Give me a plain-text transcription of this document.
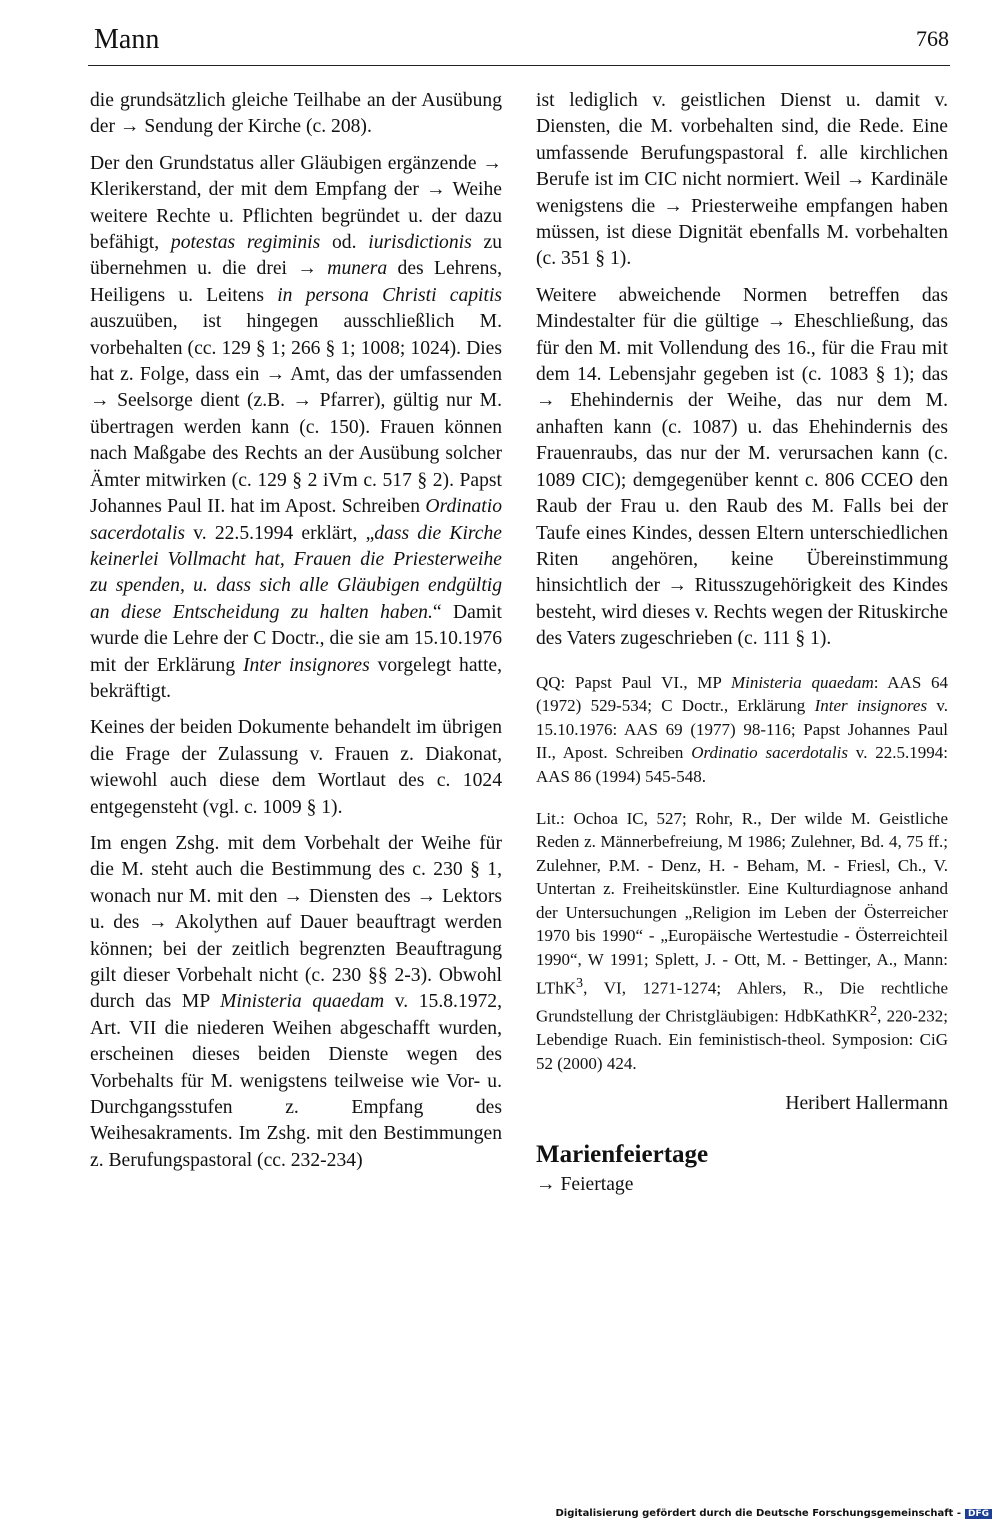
Mann	768

die grundsätzlich gleiche Teilhabe an der Ausübung der → Sendung der Kirche (c. 208).

Der den Grundstatus aller Gläubigen ergänzende → Klerikerstand, der mit dem Empfang der → Weihe weitere Rechte u. Pflichten begründet u. der dazu befähigt, potestas regiminis od. iurisdictionis zu übernehmen u. die drei → munera des Lehrens, Heiligens u. Leitens in persona Christi capitis auszuüben, ist hingegen ausschließlich M. vorbehalten (cc. 129 § 1; 266 § 1; 1008; 1024). Dies hat z. Folge, dass ein → Amt, das der umfassenden → Seelsorge dient (z.B. → Pfarrer), gültig nur M. übertragen werden kann (c. 150). Frauen können nach Maßgabe des Rechts an der Ausübung solcher Ämter mitwirken (c. 129 § 2 iVm c. 517 § 2). Papst Johannes Paul II. hat im Apost. Schreiben Ordinatio sacerdotalis v. 22.5.1994 erklärt, „dass die Kirche keinerlei Vollmacht hat, Frauen die Priesterweihe zu spenden, u. dass sich alle Gläubigen endgültig an diese Entscheidung zu halten haben.“ Damit wurde die Lehre der C Doctr., die sie am 15.10.1976 mit der Erklärung Inter insignores vorgelegt hatte, bekräftigt.

Keines der beiden Dokumente behandelt im übrigen die Frage der Zulassung v. Frauen z. Diakonat, wiewohl auch diese dem Wortlaut des c. 1024 entgegensteht (vgl. c. 1009 § 1).

Im engen Zshg. mit dem Vorbehalt der Weihe für die M. steht auch die Bestimmung des c. 230 § 1, wonach nur M. mit den → Diensten des → Lektors u. des → Akolythen auf Dauer beauftragt werden können; bei der zeitlich begrenzten Beauftragung gilt dieser Vorbehalt nicht (c. 230 §§ 2-3). Obwohl durch das MP Ministeria quaedam v. 15.8.1972, Art. VII die niederen Weihen abgeschafft wurden, erscheinen dieses beiden Dienste wegen des Vorbehalts für M. wenigstens teilweise wie Vor- u. Durchgangsstufen z. Empfang des Weihesakraments. Im Zshg. mit den Bestimmungen z. Berufungspastoral (cc. 232-234)

ist lediglich v. geistlichen Dienst u. damit v. Diensten, die M. vorbehalten sind, die Rede. Eine umfassende Berufungspastoral f. alle kirchlichen Berufe ist im CIC nicht normiert. Weil → Kardinäle wenigstens die → Priesterweihe empfangen haben müssen, ist diese Dignität ebenfalls M. vorbehalten (c. 351 § 1).

Weitere abweichende Normen betreffen das Mindestalter für die gültige → Eheschließung, das für den M. mit Vollendung des 16., für die Frau mit dem 14. Lebensjahr gegeben ist (c. 1083 § 1); das → Ehehindernis der Weihe, das nur dem M. anhaften kann (c. 1087) u. das Ehehindernis des Frauenraubs, das nur der M. verursachen kann (c. 1089 CIC); demgegenüber kennt c. 806 CCEO den Raub der Frau u. den Raub des M. Falls bei der Taufe eines Kindes, dessen Eltern unterschiedlichen Riten angehören, keine Übereinstimmung hinsichtlich der → Ritusszugehörigkeit des Kindes besteht, wird dieses v. Rechts wegen der Rituskirche des Vaters zugeschrieben (c. 111 § 1).

QQ: Papst Paul VI., MP Ministeria quaedam: AAS 64 (1972) 529-534; C Doctr., Erklärung Inter insignores v. 15.10.1976: AAS 69 (1977) 98-116; Papst Johannes Paul II., Apost. Schreiben Ordinatio sacerdotalis v. 22.5.1994: AAS 86 (1994) 545-548.

Lit.: Ochoa IC, 527; Rohr, R., Der wilde M. Geistliche Reden z. Männerbefreiung, M 1986; Zulehner, Bd. 4, 75 ff.; Zulehner, P.M. - Denz, H. - Beham, M. - Friesl, Ch., V. Untertan z. Freiheitskünstler. Eine Kulturdiagnose anhand der Untersuchungen „Religion im Leben der Österreicher 1970 bis 1990“ - „Europäische Wertestudie - Österreichteil 1990“, W 1991; Splett, J. - Ott, M. - Bettinger, A., Mann: LThK$^3$, VI, 1271-1274; Ahlers, R., Die rechtliche Grundstellung der Christgläubigen: HdbKathKR$^2$, 220-232; Lebendige Ruach. Ein feministisch-theol. Symposion: CiG 52 (2000) 424.

Heribert Hallermann
Marienfeiertage
→ Feiertage
Digitalisierung gefördert durch die Deutsche Forschungsgemeinschaft - DFG
